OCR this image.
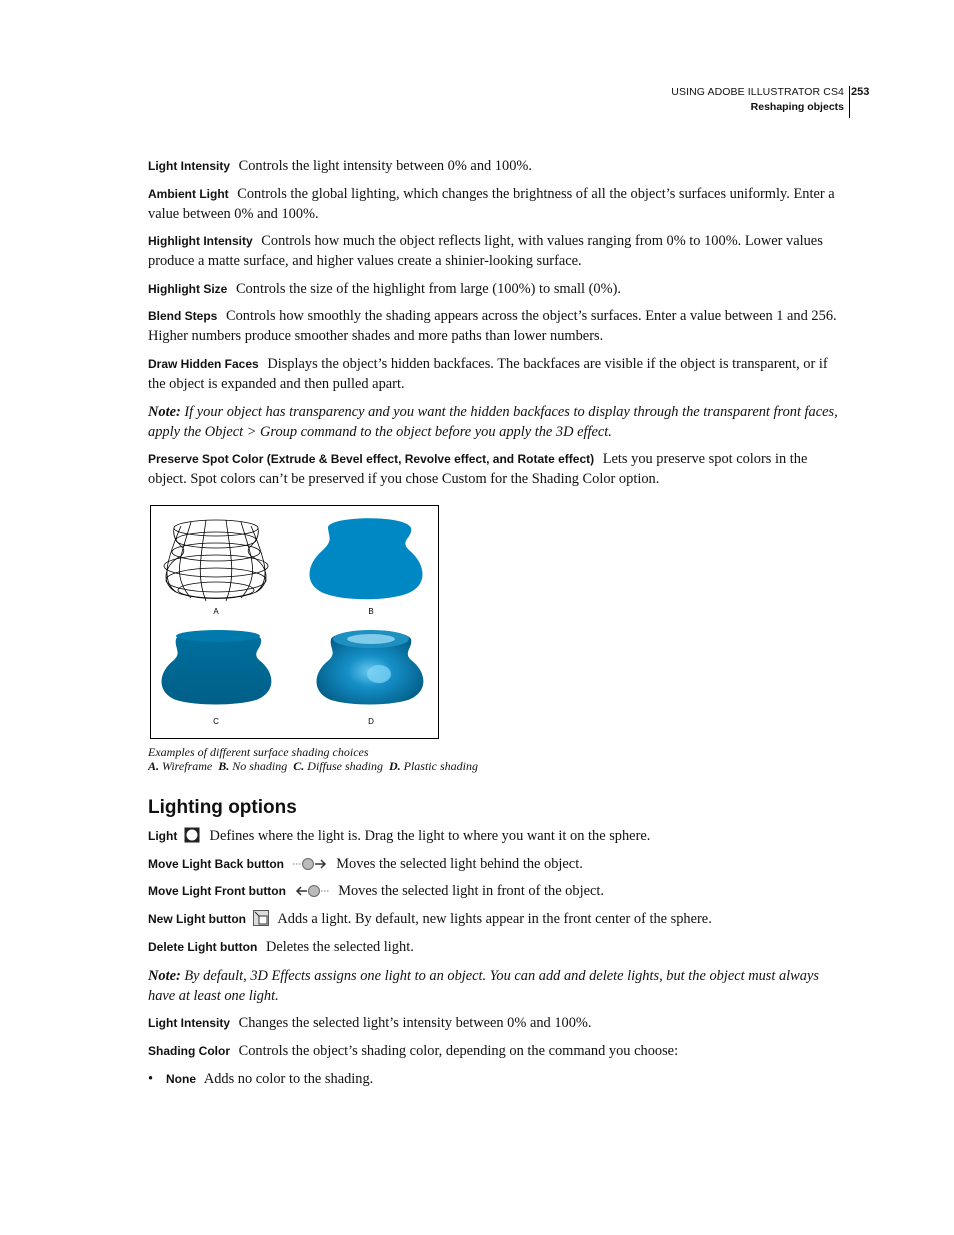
USING ADOBE ILLUSTRATOR CS4
Reshaping objects
253
Light Intensity Controls the light intensity between 0% and 100%.
Ambient Light Controls the global lighting, which changes the brightness of all the object’s surfaces uniformly. Enter a value between 0% and 100%.
Highlight Intensity Controls how much the object reflects light, with values ranging from 0% to 100%. Lower values produce a matte surface, and higher values create a shinier-looking surface.
Highlight Size Controls the size of the highlight from large (100%) to small (0%).
Blend Steps Controls how smoothly the shading appears across the object’s surfaces. Enter a value between 1 and 256. Higher numbers produce smoother shades and more paths than lower numbers.
Draw Hidden Faces Displays the object’s hidden backfaces. The backfaces are visible if the object is transparent, or if the object is expanded and then pulled apart.
Note: If your object has transparency and you want the hidden backfaces to display through the transparent front faces, apply the Object > Group command to the object before you apply the 3D effect.
Preserve Spot Color (Extrude & Bevel effect, Revolve effect, and Rotate effect) Lets you preserve spot colors in the object. Spot colors can’t be preserved if you chose Custom for the Shading Color option.
A	B
C	D
Examples of different surface shading choices
A. Wireframe B. No shading C. Diffuse shading D. Plastic shading
Lighting options
Light Defines where the light is. Drag the light to where you want it on the sphere.
Move Light Back button	Moves the selected light behind the object.
Move Light Front button	Moves the selected light in front of the object.
New Light button Adds a light. By default, new lights appear in the front center of the sphere.
Delete Light button Deletes the selected light.
Note: By default, 3D Effects assigns one light to an object. You can add and delete lights, but the object must always have at least one light.
Light Intensity Changes the selected light’s intensity between 0% and 100%.
Shading Color Controls the object’s shading color, depending on the command you choose:
• None Adds no color to the shading.
